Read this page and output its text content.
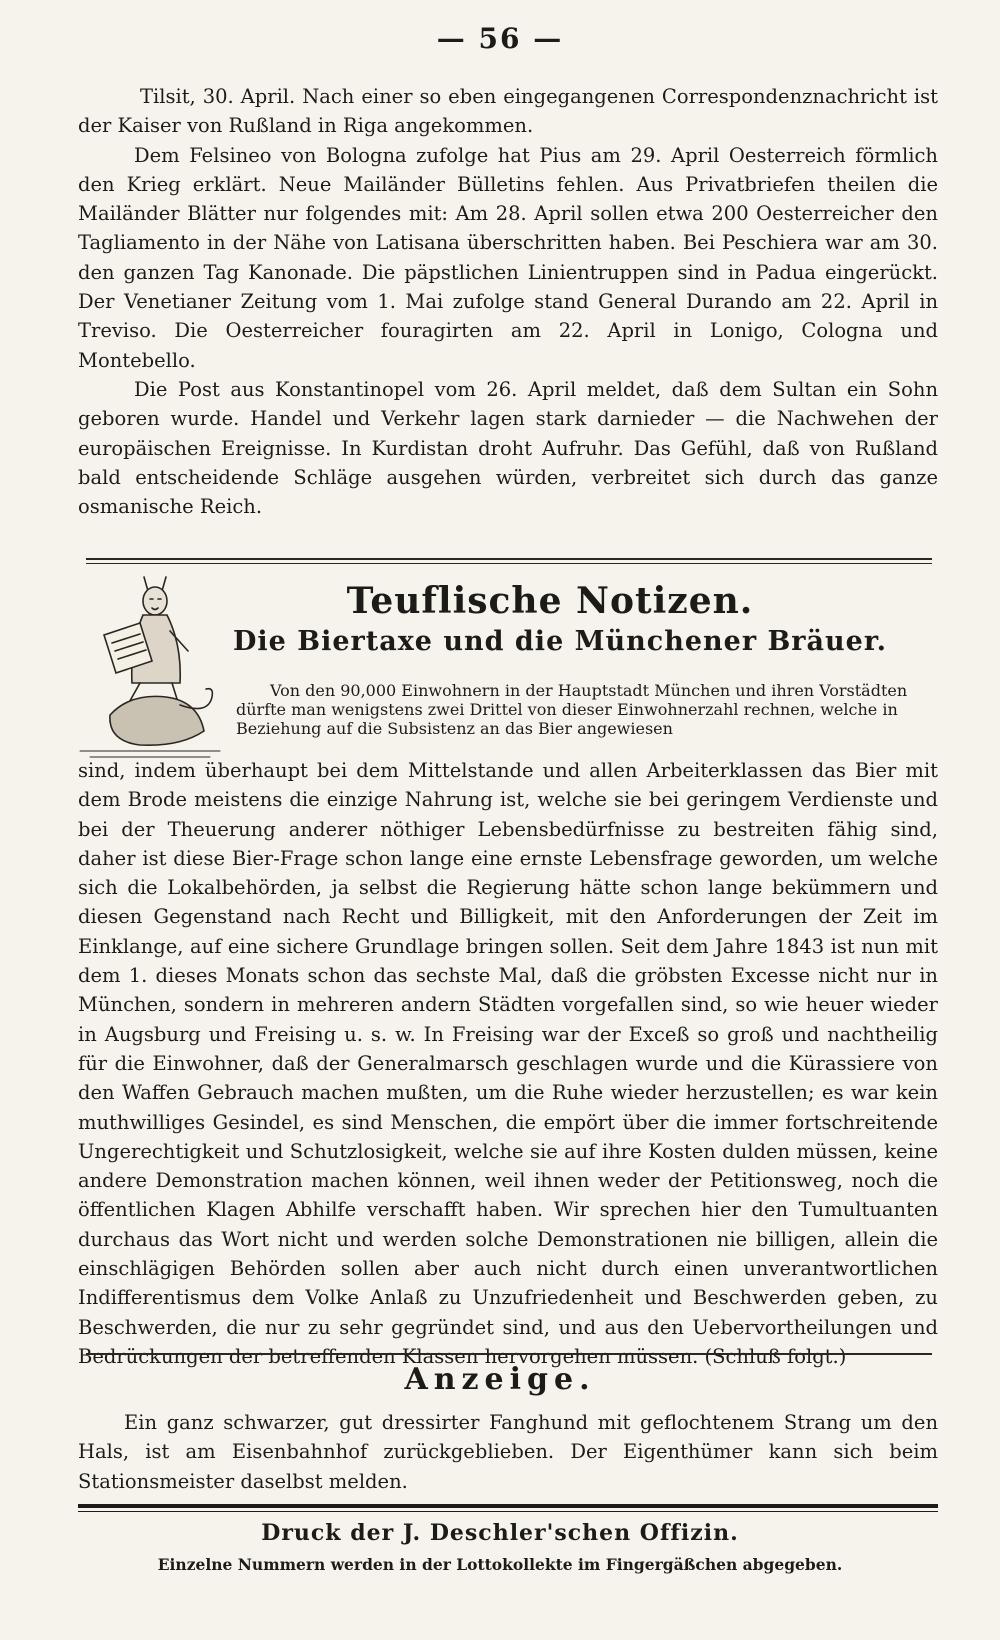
— 56 —

Tilsit, 30. April. Nach einer so eben eingegangenen Correspondenznachricht ist der Kaiser von Rußland in Riga angekommen.

Dem Felsineo von Bologna zufolge hat Pius am 29. April Oesterreich förmlich den Krieg erklärt. Neue Mailänder Bülletins fehlen. Aus Privatbriefen theilen die Mailänder Blätter nur folgendes mit: Am 28. April sollen etwa 200 Oesterreicher den Tagliamento in der Nähe von Latisana überschritten haben. Bei Peschiera war am 30. den ganzen Tag Kanonade. Die päpstlichen Linientruppen sind in Padua eingerückt. Der Venetianer Zeitung vom 1. Mai zufolge stand General Durando am 22. April in Treviso. Die Oesterreicher fouragirten am 22. April in Lonigo, Cologna und Montebello.

Die Post aus Konstantinopel vom 26. April meldet, daß dem Sultan ein Sohn geboren wurde. Handel und Verkehr lagen stark darnieder — die Nachwehen der europäischen Ereignisse. In Kurdistan droht Aufruhr. Das Gefühl, daß von Rußland bald entscheidende Schläge ausgehen würden, verbreitet sich durch das ganze osmanische Reich.

Teuflische Notizen.
Die Biertaxe und die Münchener Bräuer.

Von den 90,000 Einwohnern in der Hauptstadt München und ihren Vorstädten dürfte man wenigstens zwei Drittel von dieser Einwohnerzahl rechnen, welche in Beziehung auf die Subsistenz an das Bier angewiesen

sind, indem überhaupt bei dem Mittelstande und allen Arbeiterklassen das Bier mit dem Brode meistens die einzige Nahrung ist, welche sie bei geringem Verdienste und bei der Theuerung anderer nöthiger Lebensbedürfnisse zu bestreiten fähig sind, daher ist diese Bier-Frage schon lange eine ernste Lebensfrage geworden, um welche sich die Lokalbehörden, ja selbst die Regierung hätte schon lange bekümmern und diesen Gegenstand nach Recht und Billigkeit, mit den Anforderungen der Zeit im Einklange, auf eine sichere Grundlage bringen sollen. Seit dem Jahre 1843 ist nun mit dem 1. dieses Monats schon das sechste Mal, daß die gröbsten Excesse nicht nur in München, sondern in mehreren andern Städten vorgefallen sind, so wie heuer wieder in Augsburg und Freising u. s. w. In Freising war der Exceß so groß und nachtheilig für die Einwohner, daß der Generalmarsch geschlagen wurde und die Kürassiere von den Waffen Gebrauch machen mußten, um die Ruhe wieder herzustellen; es war kein muthwilliges Gesindel, es sind Menschen, die empört über die immer fortschreitende Ungerechtigkeit und Schutzlosigkeit, welche sie auf ihre Kosten dulden müssen, keine andere Demonstration machen können, weil ihnen weder der Petitionsweg, noch die öffentlichen Klagen Abhilfe verschafft haben. Wir sprechen hier den Tumultuanten durchaus das Wort nicht und werden solche Demonstrationen nie billigen, allein die einschlägigen Behörden sollen aber auch nicht durch einen unverantwortlichen Indifferentismus dem Volke Anlaß zu Unzufriedenheit und Beschwerden geben, zu Beschwerden, die nur zu sehr gegründet sind, und aus den Uebervortheilungen und Bedrückungen der betreffenden Klassen hervorgehen müssen. (Schluß folgt.)

Anzeige.

Ein ganz schwarzer, gut dressirter Fanghund mit geflochtenem Strang um den Hals, ist am Eisenbahnhof zurückgeblieben. Der Eigenthümer kann sich beim Stationsmeister daselbst melden.

Druck der J. Deschler'schen Offizin.
Einzelne Nummern werden in der Lottokollekte im Fingergäßchen abgegeben.
